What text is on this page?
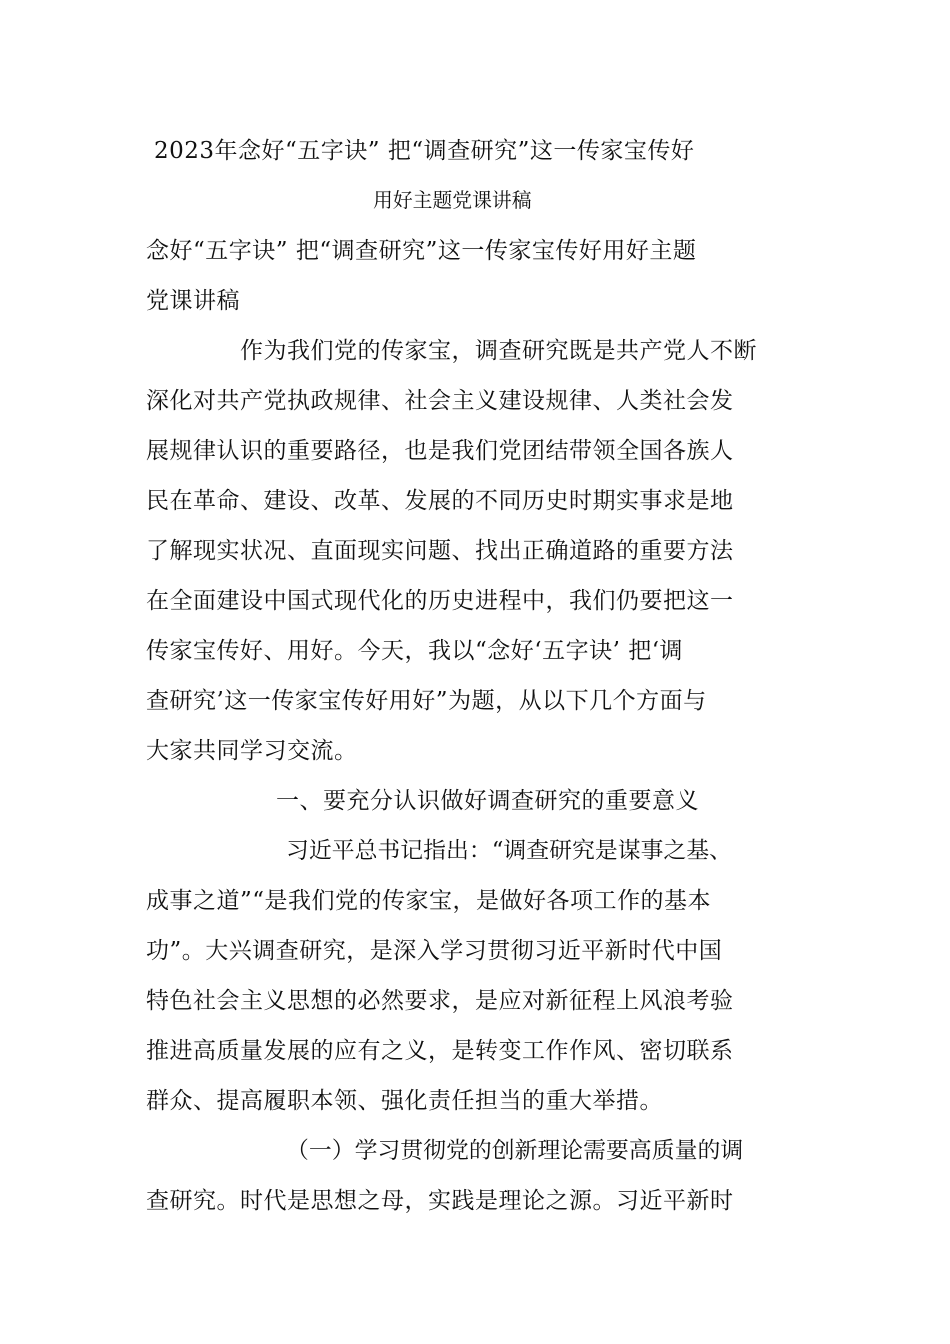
2023年念好“五字诀” 把“调查研究”这一传家宝传好
用好主题党课讲稿
念好“五字诀” 把“调查研究”这一传家宝传好用好主题
党课讲稿
作为我们党的传家宝，调查研究既是共产党人不断
深化对共产党执政规律、社会主义建设规律、人类社会发
展规律认识的重要路径，也是我们党团结带领全国各族人
民在革命、建设、改革、发展的不同历史时期实事求是地
了解现实状况、直面现实问题、找出正确道路的重要方法
在全面建设中国式现代化的历史进程中，我们仍要把这一
传家宝传好、用好。今天，我以“念好‘五字诀’ 把‘调
查研究’这一传家宝传好用好”为题，从以下几个方面与
大家共同学习交流。
一、要充分认识做好调查研究的重要意义
习近平总书记指出：“调查研究是谋事之基、
成事之道”“是我们党的传家宝，是做好各项工作的基本
功”。大兴调查研究，是深入学习贯彻习近平新时代中国
特色社会主义思想的必然要求，是应对新征程上风浪考验
推进高质量发展的应有之义，是转变工作作风、密切联系
群众、提高履职本领、强化责任担当的重大举措。
（一）学习贯彻党的创新理论需要高质量的调
查研究。时代是思想之母，实践是理论之源。习近平新时
